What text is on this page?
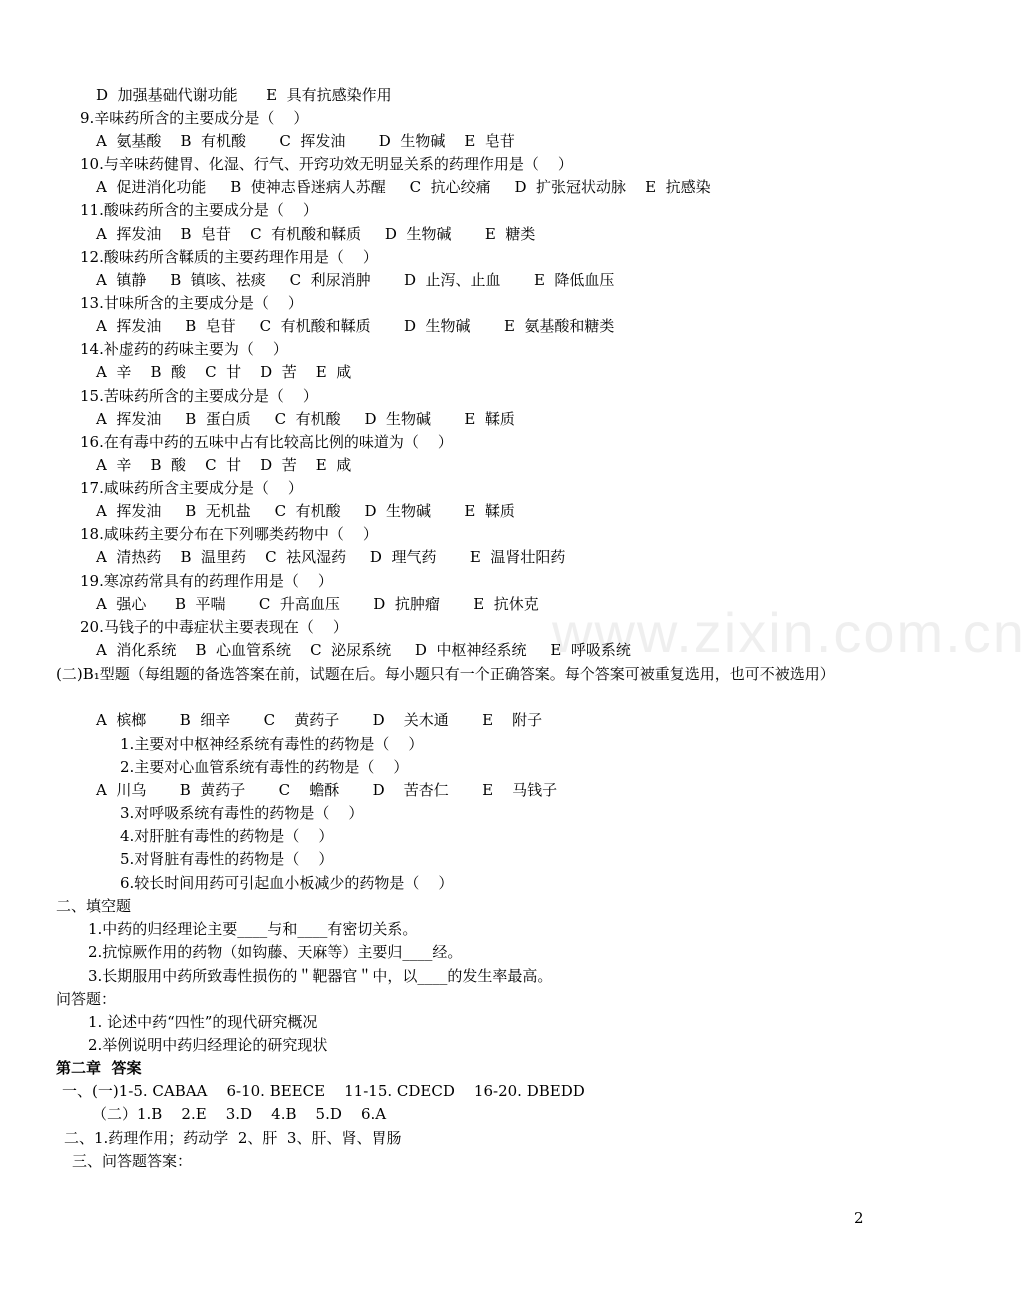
www.zixin.com.cn
D  加强基础代谢功能      E  具有抗感染作用
9.辛味药所含的主要成分是（    ）
A  氨基酸    B  有机酸       C  挥发油       D  生物碱    E  皂苷
10.与辛味药健胃、化湿、行气、开窍功效无明显关系的药理作用是（    ）
A  促进消化功能     B  使神志昏迷病人苏醒     C  抗心绞痛     D  扩张冠状动脉    E  抗感染
11.酸味药所含的主要成分是（    ）
A  挥发油    B  皂苷    C  有机酸和鞣质     D  生物碱       E  糖类
12.酸味药所含鞣质的主要药理作用是（    ）
A  镇静     B  镇咳、祛痰     C  利尿消肿       D  止泻、止血       E  降低血压
13.甘味所含的主要成分是（    ）
A  挥发油     B  皂苷     C  有机酸和鞣质       D  生物碱       E  氨基酸和糖类
14.补虚药的药味主要为（    ）
A  辛    B  酸    C  甘    D  苦    E  咸
15.苦味药所含的主要成分是（    ）
A  挥发油     B  蛋白质     C  有机酸     D  生物碱       E  鞣质
16.在有毒中药的五味中占有比较高比例的味道为（    ）
A  辛    B  酸    C  甘    D  苦    E  咸
17.咸味药所含主要成分是（    ）
A  挥发油     B  无机盐     C  有机酸     D  生物碱       E  鞣质
18.咸味药主要分布在下列哪类药物中（    ）
A  清热药    B  温里药    C  祛风湿药     D  理气药       E  温肾壮阳药
19.寒凉药常具有的药理作用是（    ）
A  强心      B  平喘       C  升高血压       D  抗肿瘤       E  抗休克
20.马钱子的中毒症状主要表现在（    ）
A  消化系统    B  心血管系统    C  泌尿系统     D  中枢神经系统     E  呼吸系统
(二)B₁型题（每组题的备选答案在前，试题在后。每小题只有一个正确答案。每个答案可被重复选用，也可不被选用）
A  槟榔       B  细辛       C    黄药子       D    关木通       E    附子
1.主要对中枢神经系统有毒性的药物是（    ）
2.主要对心血管系统有毒性的药物是（    ）
A  川乌       B  黄药子       C    蟾酥       D    苦杏仁       E    马钱子
3.对呼吸系统有毒性的药物是（    ）
4.对肝脏有毒性的药物是（    ）
5.对肾脏有毒性的药物是（    ）
6.较长时间用药可引起血小板减少的药物是（    ）
二、填空题
1.中药的归经理论主要____与和____有密切关系。
2.抗惊厥作用的药物（如钩藤、天麻等）主要归____经。
3.长期服用中药所致毒性损伤的＂靶器官＂中，以____的发生率最高。
问答题：
1. 论述中药“四性”的现代研究概况
2.举例说明中药归经理论的研究现状
第二章  答案
一、(一)1-5. CABAA    6-10. BEECE    11-15. CDECD    16-20. DBEDD
（二）1.B    2.E    3.D    4.B    5.D    6.A
二、1.药理作用；药动学  2、肝  3、肝、肾、胃肠
三、问答题答案：
2
